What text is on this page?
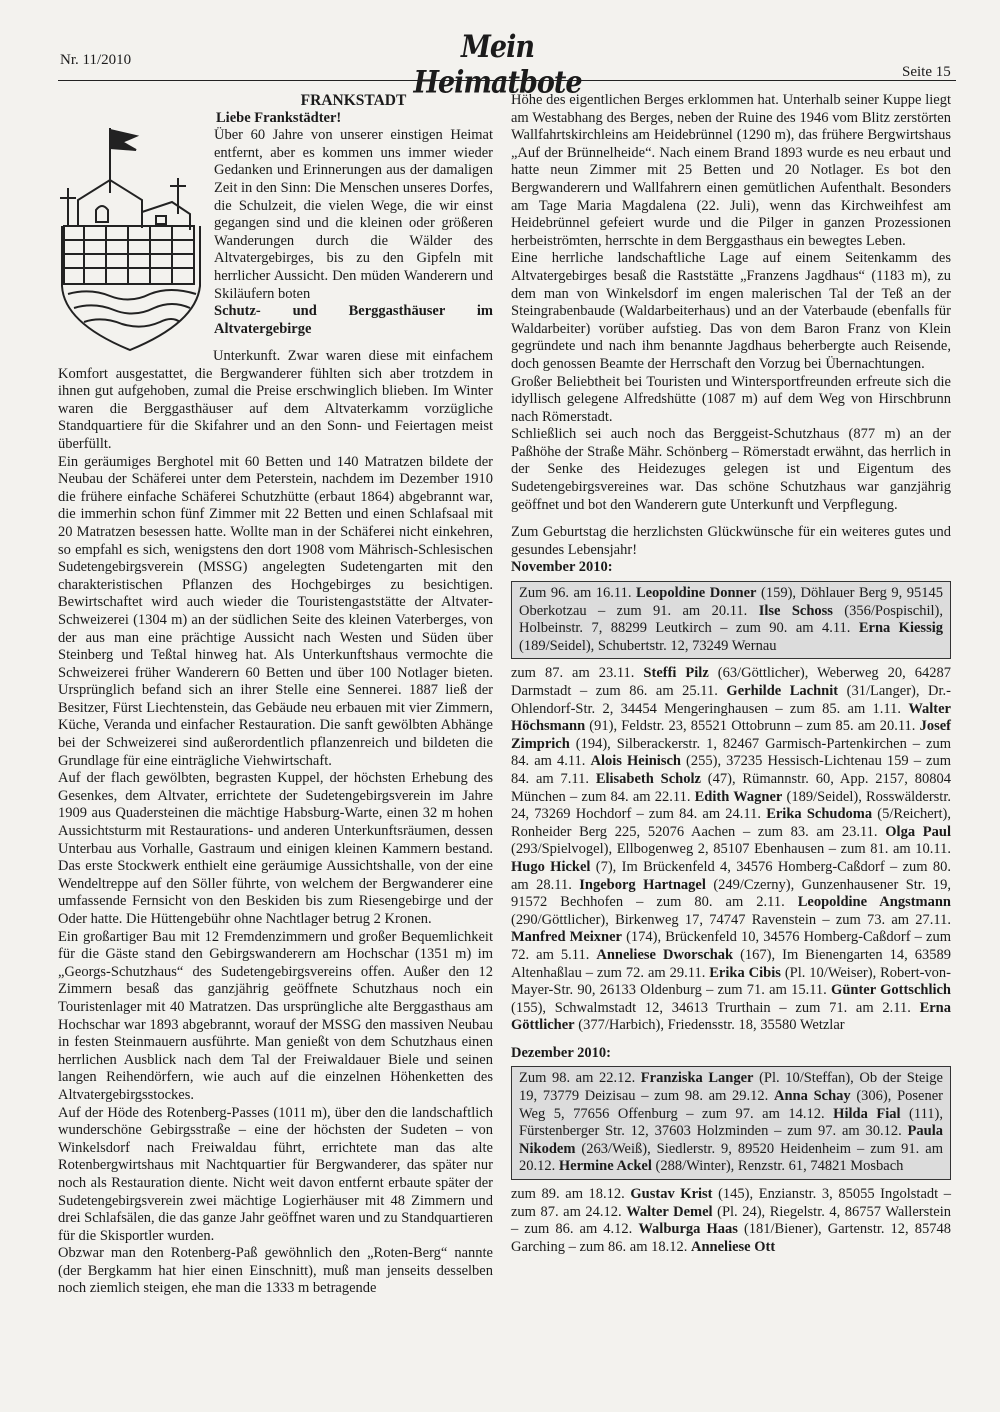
Nr. 11/2010	Mein Heimatbote	Seite 15

FRANKSTADT

Liebe Frankstädter!

Über 60 Jahre von unserer einstigen Heimat entfernt, aber es kommen uns immer wieder Gedanken und Erinnerungen aus der damaligen Zeit in den Sinn: Die Menschen unseres Dorfes, die Schulzeit, die vielen Wege, die wir einst gegangen sind und die kleinen oder größeren Wanderungen durch die Wälder des Altvatergebirges, bis zu den Gipfeln mit herrlicher Aussicht. Den müden Wanderern und Skiläufern boten

Schutz- und Berggasthäuser im Altvatergebirge

Unterkunft. Zwar waren diese mit einfachem Komfort ausgestattet, die Bergwanderer fühlten sich aber trotzdem in ihnen gut aufgehoben, zumal die Preise erschwinglich blieben. Im Winter waren die Berggasthäuser auf dem Altvaterkamm vorzügliche Standquartiere für die Skifahrer und an den Sonn- und Feiertagen meist überfüllt.

Ein geräumiges Berghotel mit 60 Betten und 140 Matratzen bildete der Neubau der Schäferei unter dem Peterstein, nachdem im Dezember 1910 die frühere einfache Schäferei Schutzhütte (erbaut 1864) abgebrannt war, die immerhin schon fünf Zimmer mit 22 Betten und einen Schlafsaal mit 20 Matratzen besessen hatte. Wollte man in der Schäferei nicht einkehren, so empfahl es sich, wenigstens den dort 1908 vom Mährisch-Schlesischen Sudetengebirgsverein (MSSG) angelegten Sudetengarten mit den charakteristischen Pflanzen des Hochgebirges zu besichtigen. Bewirtschaftet wird auch wieder die Touristengaststätte der Altvater-Schweizerei (1304 m) an der südlichen Seite des kleinen Vaterberges, von der aus man eine prächtige Aussicht nach Westen und Süden über Steinberg und Teßtal hinweg hat. Als Unterkunftshaus vermochte die Schweizerei früher Wanderern 60 Betten und über 100 Notlager bieten. Ursprünglich befand sich an ihrer Stelle eine Sennerei. 1887 ließ der Besitzer, Fürst Liechtenstein, das Gebäude neu erbauen mit vier Zimmern, Küche, Veranda und einfacher Restauration. Die sanft gewölbten Abhänge bei der Schweizerei sind außerordentlich pflanzenreich und bildeten die Grundlage für eine einträgliche Viehwirtschaft.

Auf der flach gewölbten, begrasten Kuppel, der höchsten Erhebung des Gesenkes, dem Altvater, errichtete der Sudetengebirgsverein im Jahre 1909 aus Quadersteinen die mächtige Habsburg-Warte, einen 32 m hohen Aussichtsturm mit Restaurations- und anderen Unterkunftsräumen, dessen Unterbau aus Vorhalle, Gastraum und einigen kleinen Kammern bestand. Das erste Stockwerk enthielt eine geräumige Aussichtshalle, von der eine Wendeltreppe auf den Söller führte, von welchem der Bergwanderer eine umfassende Fernsicht von den Beskiden bis zum Riesengebirge und der Oder hatte. Die Hüttengebühr ohne Nachtlager betrug 2 Kronen.

Ein großartiger Bau mit 12 Fremdenzimmern und großer Bequemlichkeit für die Gäste stand den Gebirgswanderern am Hochschar (1351 m) im „Georgs-Schutzhaus“ des Sudetengebirgsvereins offen. Außer den 12 Zimmern besaß das ganzjährig geöffnete Schutzhaus noch ein Touristenlager mit 40 Matratzen. Das ursprüngliche alte Berggasthaus am Hochschar war 1893 abgebrannt, worauf der MSSG den massiven Neubau in festen Steinmauern ausführte. Man genießt von dem Schutzhaus einen herrlichen Ausblick nach dem Tal der Freiwaldauer Biele und seinen langen Reihendörfern, wie auch auf die einzelnen Höhenketten des Altvatergebirgsstockes.

Auf der Höde des Rotenberg-Passes (1011 m), über den die landschaftlich wunderschöne Gebirgsstraße – eine der höchsten der Sudeten – von Winkelsdorf nach Freiwaldau führt, errichtete man das alte Rotenbergwirtshaus mit Nachtquartier für Bergwanderer, das später nur noch als Restauration diente. Nicht weit davon entfernt erbaute später der Sudetengebirgsverein zwei mächtige Logierhäuser mit 48 Zimmern und drei Schlafsälen, die das ganze Jahr geöffnet waren und zu Standquartieren für die Skisportler wurden.

Obzwar man den Rotenberg-Paß gewöhnlich den „Roten-Berg“ nannte (der Bergkamm hat hier einen Einschnitt), muß man jenseits desselben noch ziemlich steigen, ehe man die 1333 m betragende

Höhe des eigentlichen Berges erklommen hat. Unterhalb seiner Kuppe liegt am Westabhang des Berges, neben der Ruine des 1946 vom Blitz zerstörten Wallfahrtskirchleins am Heidebrünnel (1290 m), das frühere Bergwirtshaus „Auf der Brünnelheide“. Nach einem Brand 1893 wurde es neu erbaut und hatte neun Zimmer mit 25 Betten und 20 Notlager. Es bot den Bergwanderern und Wallfahrern einen gemütlichen Aufenthalt. Besonders am Tage Maria Magdalena (22. Juli), wenn das Kirchweihfest am Heidebrünnel gefeiert wurde und die Pilger in ganzen Prozessionen herbeiströmten, herrschte in dem Berggasthaus ein bewegtes Leben.

Eine herrliche landschaftliche Lage auf einem Seitenkamm des Altvatergebirges besaß die Raststätte „Franzens Jagdhaus“ (1183 m), zu dem man von Winkelsdorf im engen malerischen Tal der Teß an der Steingrabenbaude (Waldarbeiterhaus) und an der Vaterbaude (ebenfalls für Waldarbeiter) vorüber aufstieg. Das von dem Baron Franz von Klein gegründete und nach ihm benannte Jagdhaus beherbergte auch Reisende, doch genossen Beamte der Herrschaft den Vorzug bei Übernachtungen.

Großer Beliebtheit bei Touristen und Wintersportfreunden erfreute sich die idyllisch gelegene Alfredshütte (1087 m) auf dem Weg von Hirschbrunn nach Römerstadt.

Schließlich sei auch noch das Berggeist-Schutzhaus (877 m) an der Paßhöhe der Straße Mähr. Schönberg – Römerstadt erwähnt, das herrlich in der Senke des Heidezuges gelegen ist und Eigentum des Sudetengebirgsvereines war. Das schöne Schutzhaus war ganzjährig geöffnet und bot den Wanderern gute Unterkunft und Verpflegung.

Zum Geburtstag die herzlichsten Glückwünsche für ein weiteres gutes und gesundes Lebensjahr!

November 2010:

Zum 96. am 16.11. Leopoldine Donner (159), Döhlauer Berg 9, 95145 Oberkotzau – zum 91. am 20.11. Ilse Schoss (356/Pospischil), Holbeinstr. 7, 88299 Leutkirch – zum 90. am 4.11. Erna Kiessig (189/Seidel), Schubertstr. 12, 73249 Wernau

zum 87. am 23.11. Steffi Pilz (63/Göttlicher), Weberweg 20, 64287 Darmstadt – zum 86. am 25.11. Gerhilde Lachnit (31/Langer), Dr.-Ohlendorf-Str. 2, 34454 Mengeringhausen – zum 85. am 1.11. Walter Höchsmann (91), Feldstr. 23, 85521 Ottobrunn – zum 85. am 20.11. Josef Zimprich (194), Silberackerstr. 1, 82467 Garmisch-Partenkirchen – zum 84. am 4.11. Alois Heinisch (255), 37235 Hessisch-Lichtenau 159 – zum 84. am 7.11. Elisabeth Scholz (47), Rümannstr. 60, App. 2157, 80804 München – zum 84. am 22.11. Edith Wagner (189/Seidel), Rosswälderstr. 24, 73269 Hochdorf – zum 84. am 24.11. Erika Schudoma (5/Reichert), Ronheider Berg 225, 52076 Aachen – zum 83. am 23.11. Olga Paul (293/Spielvogel), Ellbogenweg 2, 85107 Ebenhausen – zum 81. am 10.11. Hugo Hickel (7), Im Brückenfeld 4, 34576 Homberg-Caßdorf – zum 80. am 28.11. Ingeborg Hartnagel (249/Czerny), Gunzenhausener Str. 19, 91572 Bechhofen – zum 80. am 2.11. Leopoldine Angstmann (290/Göttlicher), Birkenweg 17, 74747 Ravenstein – zum 73. am 27.11. Manfred Meixner (174), Brückenfeld 10, 34576 Homberg-Caßdorf – zum 72. am 5.11. Anneliese Dworschak (167), Im Bienengarten 14, 63589 Altenhaßlau – zum 72. am 29.11. Erika Cibis (Pl. 10/Weiser), Robert-von-Mayer-Str. 90, 26133 Oldenburg – zum 71. am 15.11. Günter Gottschlich (155), Schwalmstadt 12, 34613 Trurthain – zum 71. am 2.11. Erna Göttlicher (377/Harbich), Friedensstr. 18, 35580 Wetzlar

Dezember 2010:

Zum 98. am 22.12. Franziska Langer (Pl. 10/Steffan), Ob der Steige 19, 73779 Deizisau – zum 98. am 29.12. Anna Schay (306), Posener Weg 5, 77656 Offenburg – zum 97. am 14.12. Hilda Fial (111), Fürstenberger Str. 12, 37603 Holzminden – zum 97. am 30.12. Paula Nikodem (263/Weiß), Siedlerstr. 9, 89520 Heidenheim – zum 91. am 20.12. Hermine Ackel (288/Winter), Renzstr. 61, 74821 Mosbach

zum 89. am 18.12. Gustav Krist (145), Enzianstr. 3, 85055 Ingolstadt – zum 87. am 24.12. Walter Demel (Pl. 24), Riegelstr. 4, 86757 Wallerstein – zum 86. am 4.12. Walburga Haas (181/Biener), Gartenstr. 12, 85748 Garching – zum 86. am 18.12. Anneliese Ott
